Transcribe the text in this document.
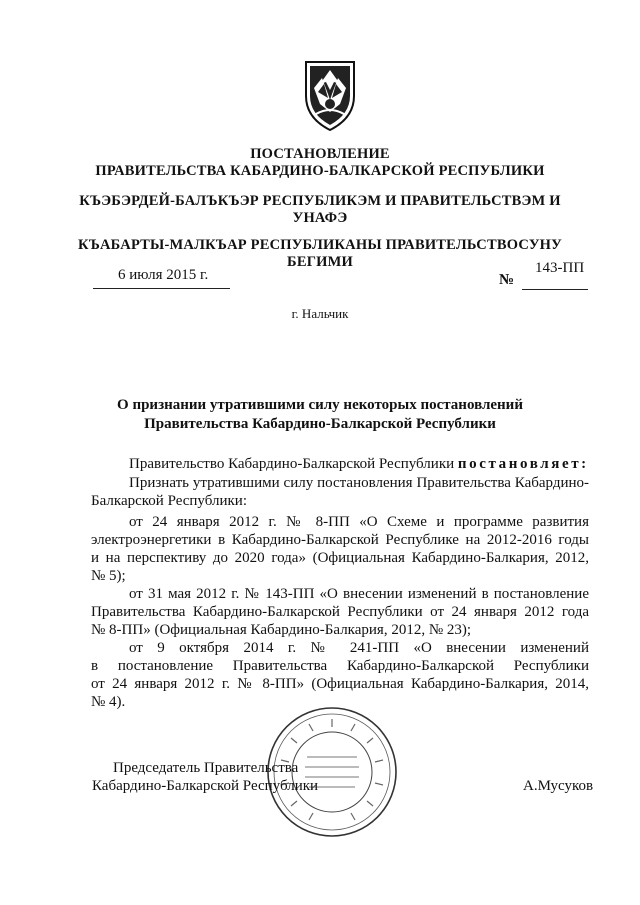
ПОСТАНОВЛЕНИЕ
ПРАВИТЕЛЬСТВА КАБАРДИНО-БАЛКАРСКОЙ РЕСПУБЛИКИ
КЪЭБЭРДЕЙ-БАЛЪКЪЭР РЕСПУБЛИКЭМ И ПРАВИТЕЛЬСТВЭМ И
УНАФЭ
КЪАБАРТЫ-МАЛКЪАР РЕСПУБЛИКАНЫ ПРАВИТЕЛЬСТВОСУНУ
БЕГИМИ
6 июля 2015 г.	№
143-ПП
г. Нальчик
О признании утратившими силу некоторых постановлений
Правительства Кабардино-Балкарской Республики
Правительство Кабардино-Балкарской Республики постановляет:
Признать утратившими силу постановления Правительства Кабардино-
Балкарской Республики:
от 24 января 2012 г. № 8-ПП «О Схеме и программе развития
электроэнергетики в Кабардино-Балкарской Республике на 2012-2016 годы
и на перспективу до 2020 года» (Официальная Кабардино-Балкария, 2012,
№ 5);
от 31 мая 2012 г. № 143-ПП «О внесении изменений в постановление
Правительства Кабардино-Балкарской Республики от 24 января 2012 года
№ 8-ПП» (Официальная Кабардино-Балкария, 2012, № 23);
от 9 октября 2014 г. № 241-ПП «О внесении изменений
в постановление Правительства Кабардино-Балкарской Республики
от 24 января 2012 г. № 8-ПП» (Официальная Кабардино-Балкария, 2014,
№ 4).
Председатель Правительства
Кабардино-Балкарской Республики	А.Мусуков
